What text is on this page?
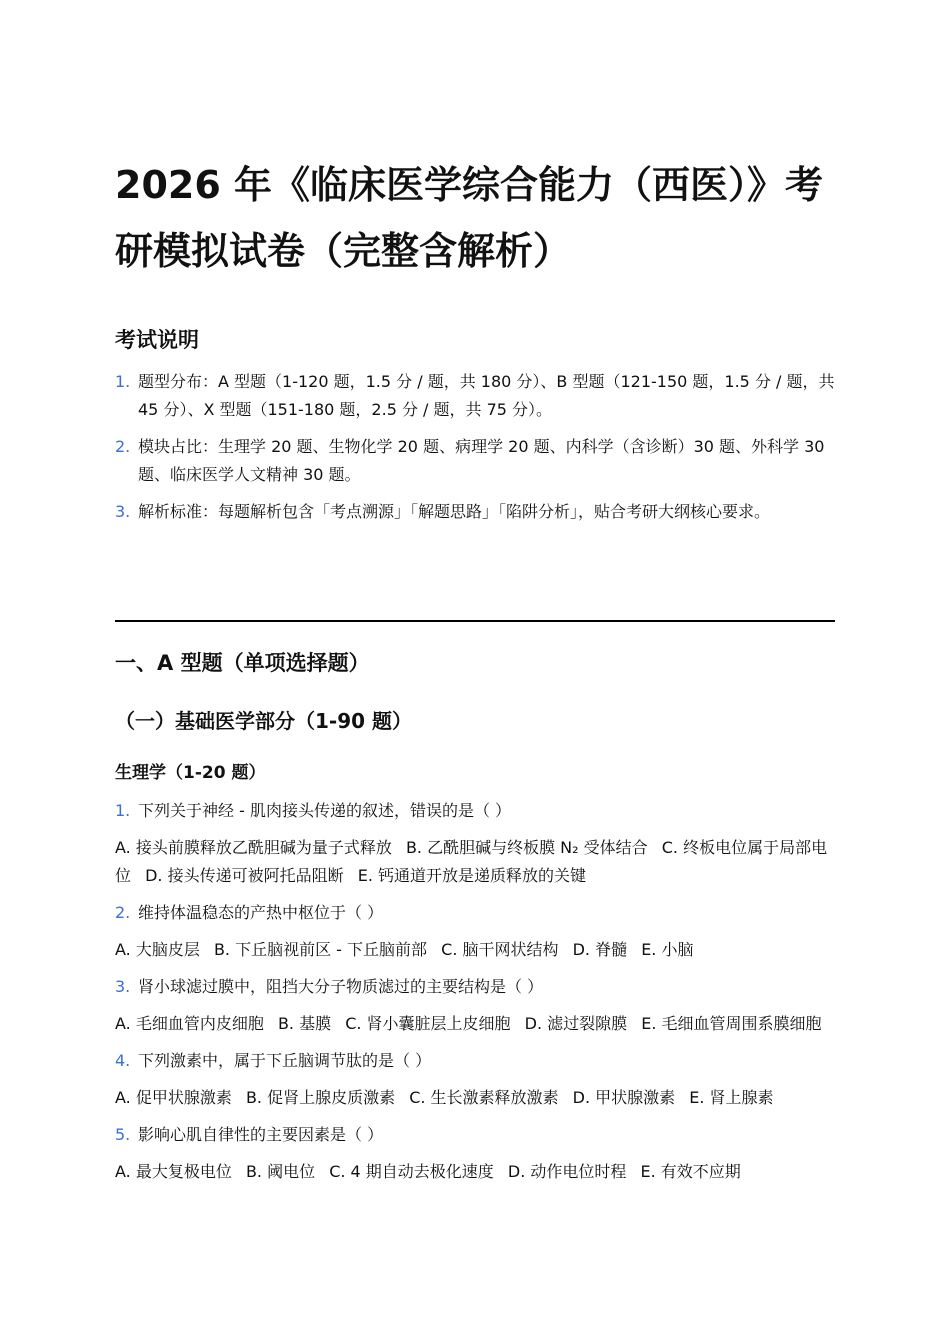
2026 年《临床医学综合能力（西医）》考研模拟试卷（完整含解析）
考试说明
1. 题型分布：A 型题（1-120 题，1.5 分 / 题，共 180 分）、B 型题（121-150 题，1.5 分 / 题，共 45 分）、X 型题（151-180 题，2.5 分 / 题，共 75 分）。
2. 模块占比：生理学 20 题、生物化学 20 题、病理学 20 题、内科学（含诊断）30 题、外科学 30 题、临床医学人文精神 30 题。
3. 解析标准：每题解析包含「考点溯源」「解题思路」「陷阱分析」，贴合考研大纲核心要求。
一、A 型题（单项选择题）
（一）基础医学部分（1-90 题）
生理学（1-20 题）
1. 下列关于神经 - 肌肉接头传递的叙述，错误的是（ ）
A. 接头前膜释放乙酰胆碱为量子式释放 B. 乙酰胆碱与终板膜 N₂ 受体结合 C. 终板电位属于局部电位 D. 接头传递可被阿托品阻断 E. 钙通道开放是递质释放的关键
2. 维持体温稳态的产热中枢位于（ ）
A. 大脑皮层 B. 下丘脑视前区 - 下丘脑前部 C. 脑干网状结构 D. 脊髓 E. 小脑
3. 肾小球滤过膜中，阻挡大分子物质滤过的主要结构是（ ）
A. 毛细血管内皮细胞 B. 基膜 C. 肾小囊脏层上皮细胞 D. 滤过裂隙膜 E. 毛细血管周围系膜细胞
4. 下列激素中，属于下丘脑调节肽的是（ ）
A. 促甲状腺激素 B. 促肾上腺皮质激素 C. 生长激素释放激素 D. 甲状腺激素 E. 肾上腺素
5. 影响心肌自律性的主要因素是（ ）
A. 最大复极电位 B. 阈电位 C. 4 期自动去极化速度 D. 动作电位时程 E. 有效不应期
